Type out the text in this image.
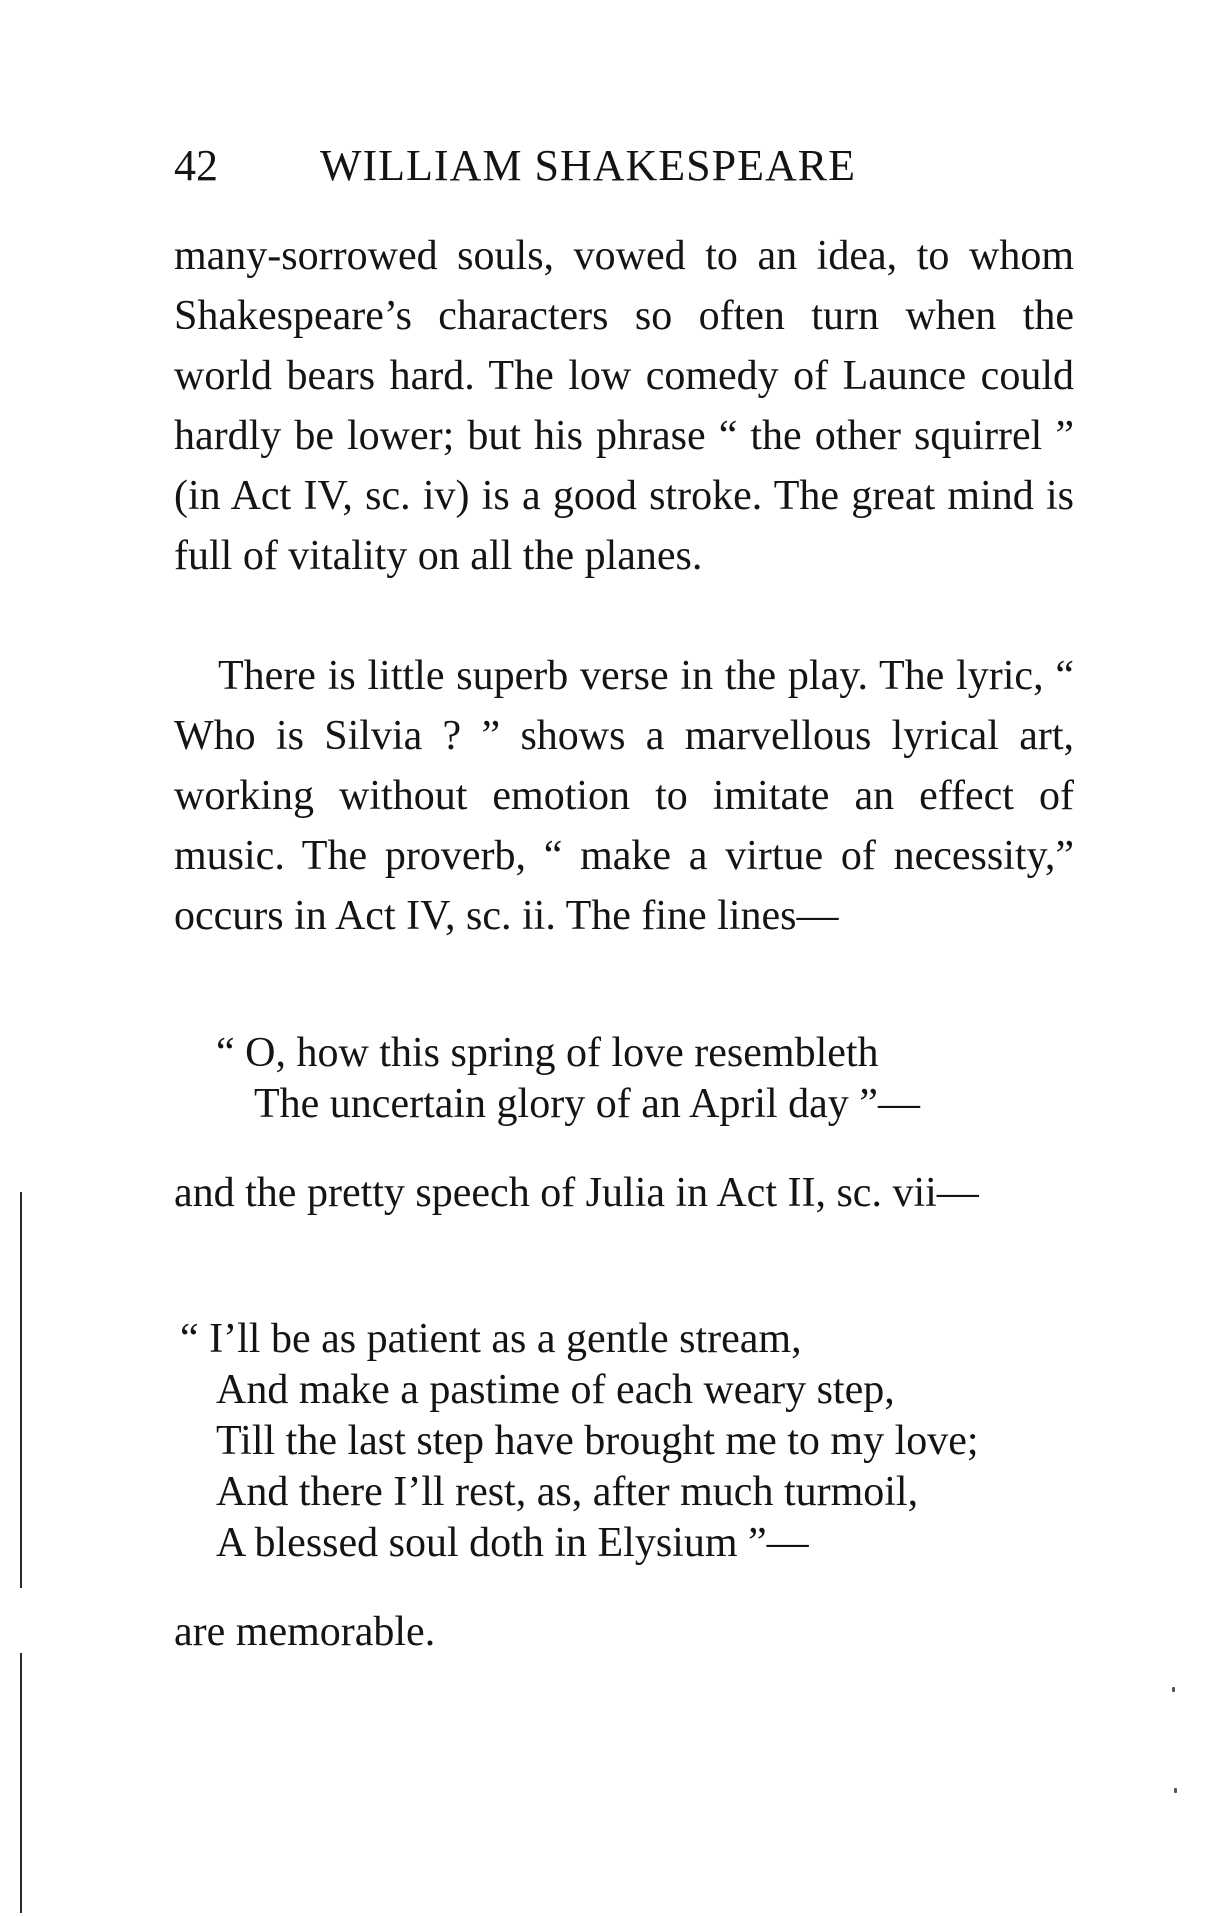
42 WILLIAM SHAKESPEARE
many-sorrowed souls, vowed to an idea, to whom Shakespeare’s characters so often turn when the world bears hard. The low comedy of Launce could hardly be lower; but his phrase “ the other squirrel ” (in Act IV, sc. iv) is a good stroke. The great mind is full of vitality on all the planes.
There is little superb verse in the play. The lyric, “ Who is Silvia ? ” shows a marvellous lyrical art, working without emotion to imitate an effect of music. The proverb, “ make a virtue of necessity,” occurs in Act IV, sc. ii. The fine lines—
“ O, how this spring of love resembleth
The uncertain glory of an April day ”—
and the pretty speech of Julia in Act II, sc. vii—
“ I’ll be as patient as a gentle stream,
And make a pastime of each weary step,
Till the last step have brought me to my love;
And there I’ll rest, as, after much turmoil,
A blessed soul doth in Elysium ”—
are memorable.
